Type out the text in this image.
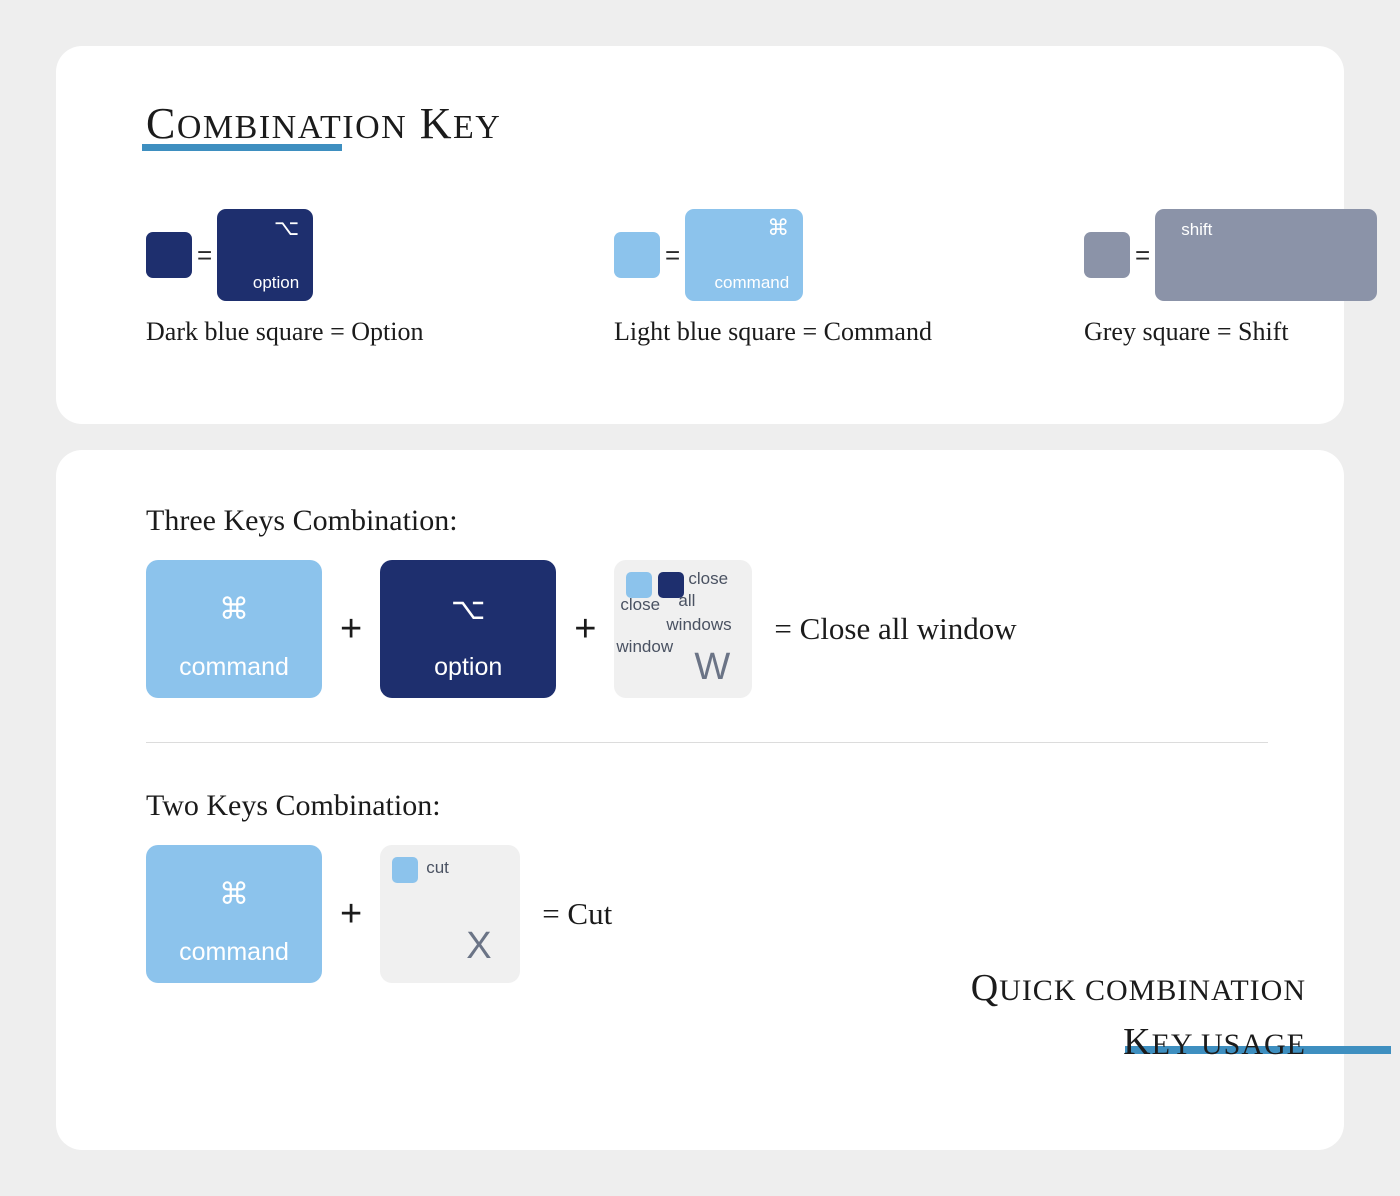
COMBINATION KEY
=
⌥
option
Dark blue square = Option
=
⌘
command
Light blue square = Command
=
shift
Grey square = Shift
Three Keys Combination:
⌘
command
+	⌥
option
+
close
all
windows
close
window W
= Close all window
Two Keys Combination:
⌘
command
+
cut
X
= Cut
QUICK COMBINATION
KEY USAGE
